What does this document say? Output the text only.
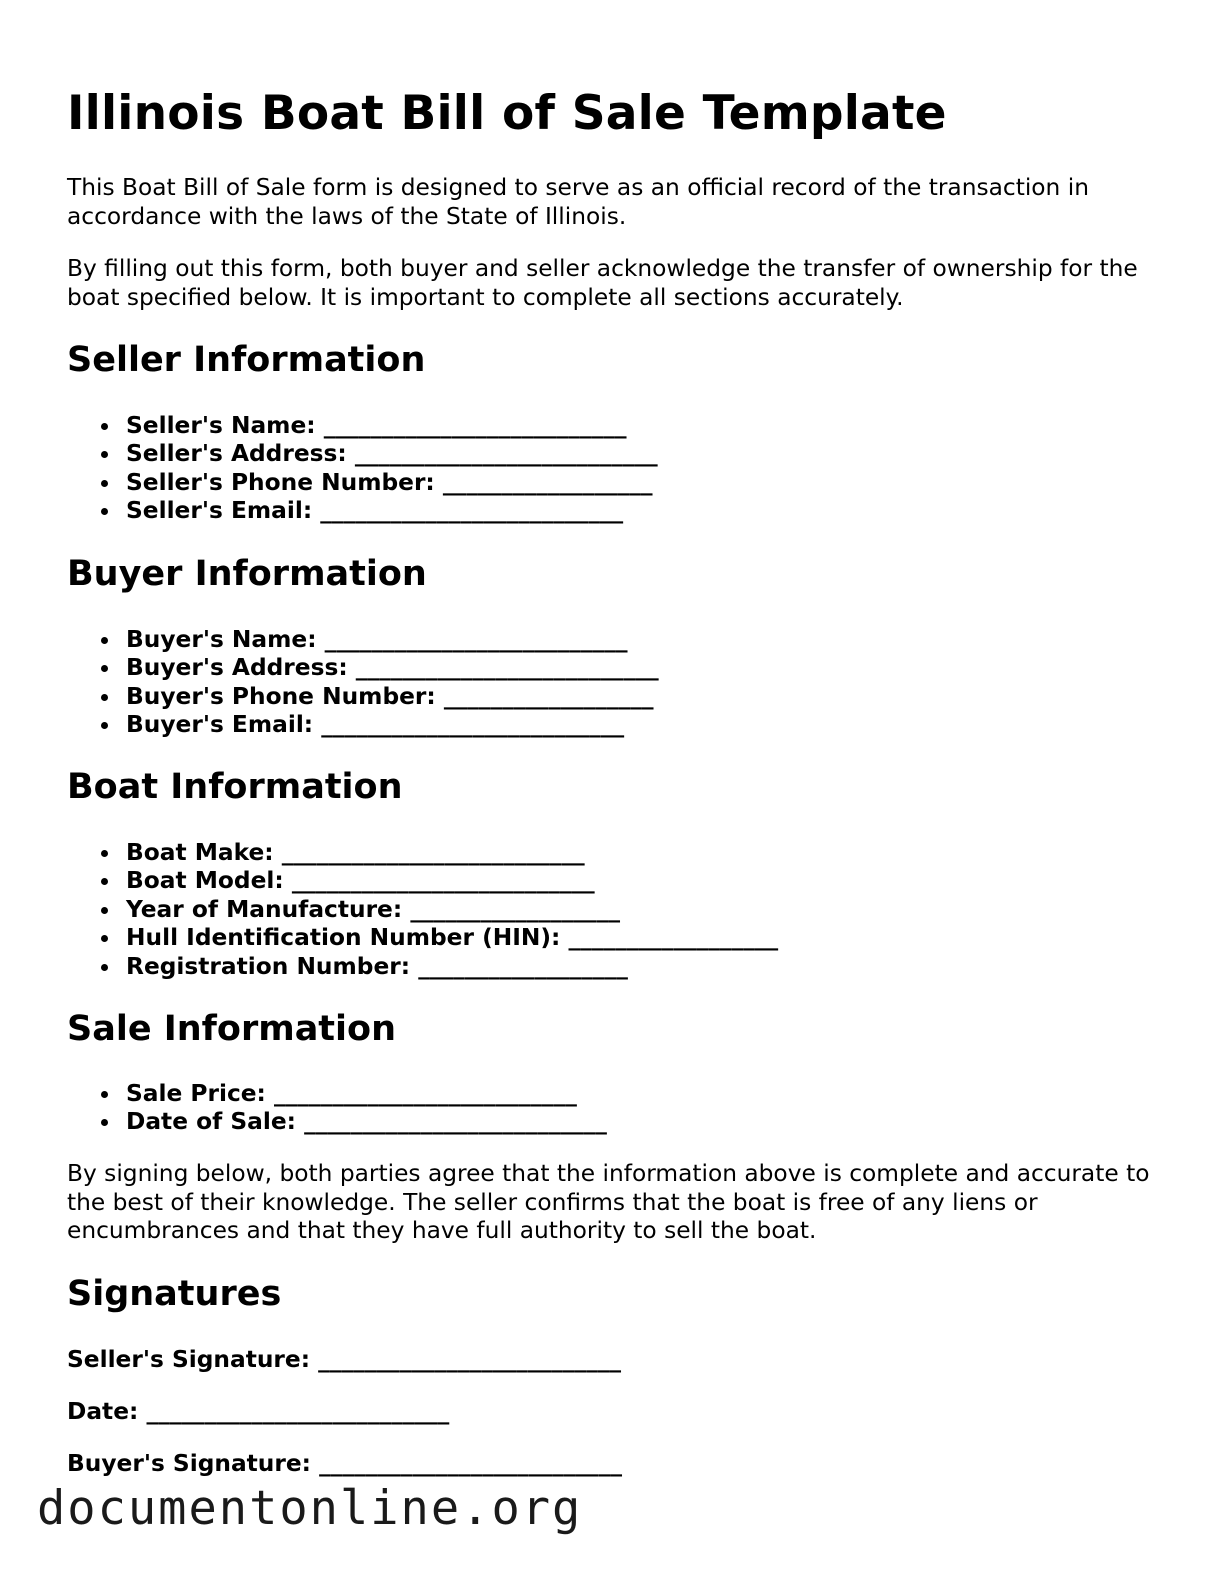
Illinois Boat Bill of Sale Template

This Boat Bill of Sale form is designed to serve as an official record of the transaction in accordance with the laws of the State of Illinois.

By filling out this form, both buyer and seller acknowledge the transfer of ownership for the boat specified below. It is important to complete all sections accurately.

Seller Information
Seller's Name: __________________________
Seller's Address: __________________________
Seller's Phone Number: __________________
Seller's Email: __________________________
Buyer Information
Buyer's Name: __________________________
Buyer's Address: __________________________
Buyer's Phone Number: __________________
Buyer's Email: __________________________
Boat Information
Boat Make: __________________________
Boat Model: __________________________
Year of Manufacture: __________________
Hull Identification Number (HIN): __________________
Registration Number: __________________
Sale Information
Sale Price: __________________________
Date of Sale: __________________________

By signing below, both parties agree that the information above is complete and accurate to the best of their knowledge. The seller confirms that the boat is free of any liens or encumbrances and that they have full authority to sell the boat.

Signatures
Seller's Signature: __________________________
Date: __________________________
Buyer's Signature: __________________________
documentonline.org
